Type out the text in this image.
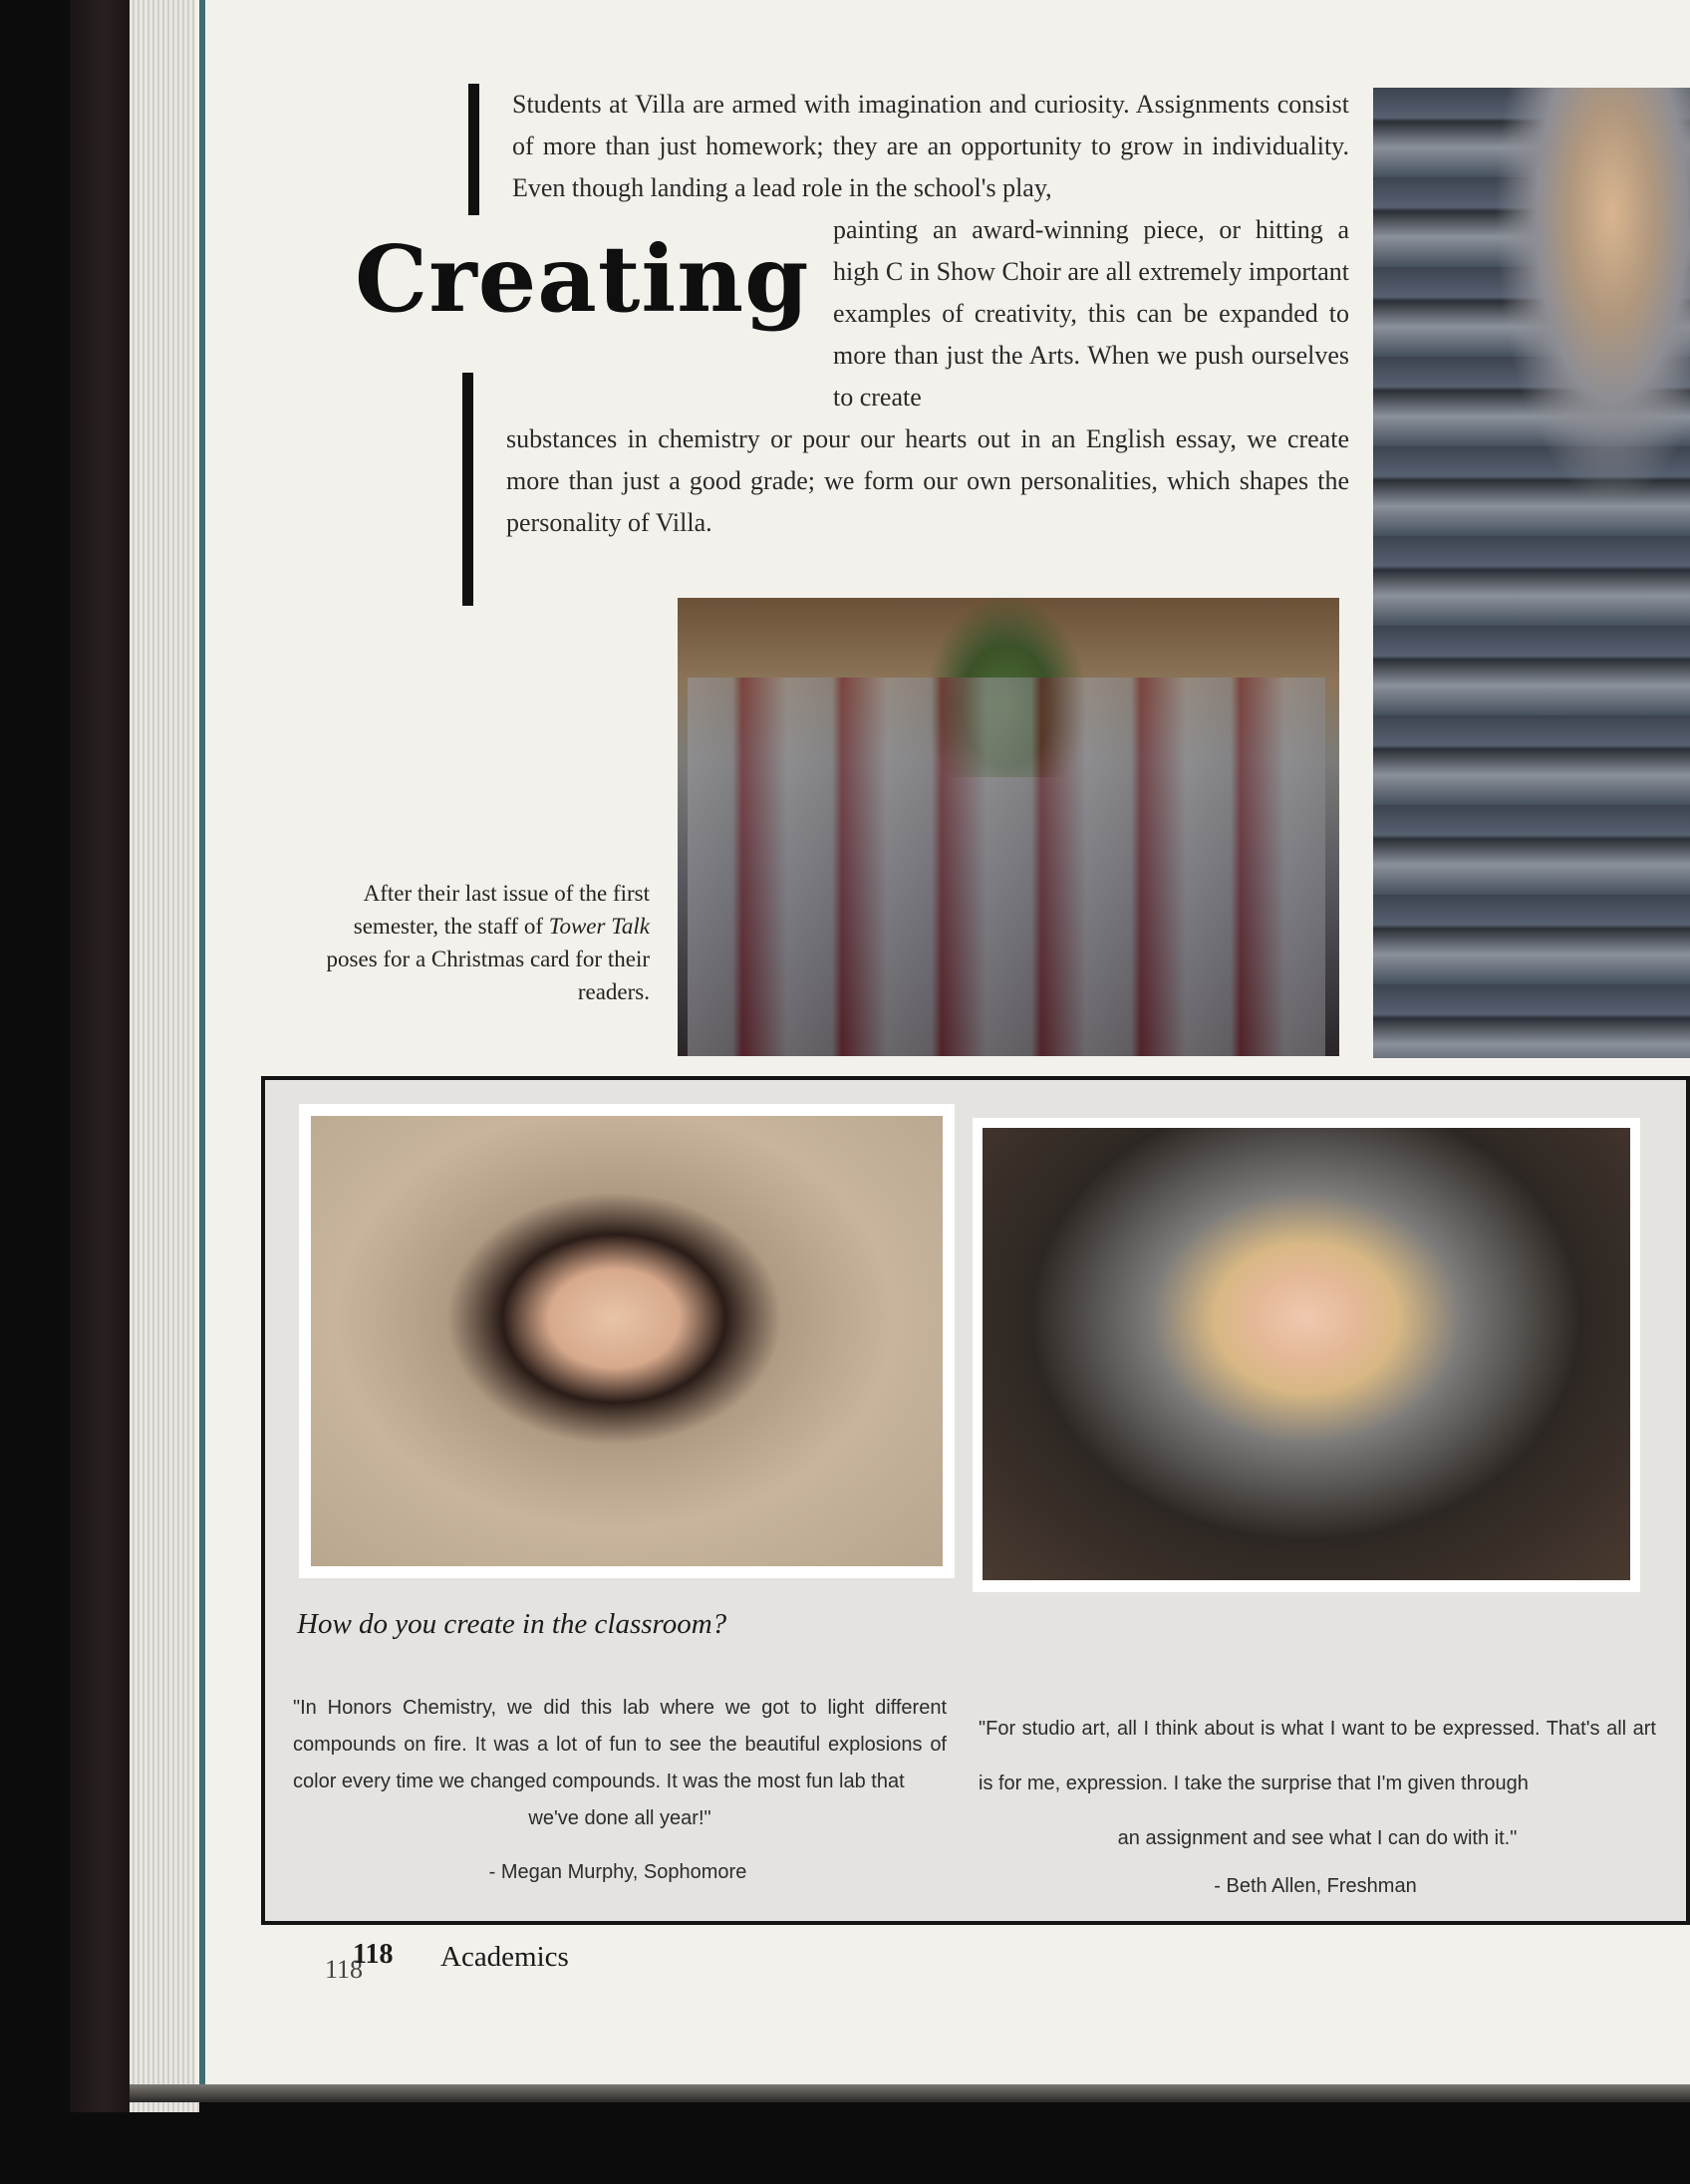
Students at Villa are armed with imagination and curiosity. Assignments consist of more than just homework; they are an opportunity to grow in individuality. Even though landing a lead role in the school's play,
Creating painting an award-winning piece, or hitting a high C in Show Choir are all extremely important examples of creativity, this can be expanded to more than just the Arts. When we push ourselves to create
substances in chemistry or pour our hearts out in an English essay, we create more than just a good grade; we form our own personalities, which shapes the personality of Villa.
After their last issue of the first semester, the staff of Tower Talk poses for a Christmas card for their readers.
How do you create in the classroom?
"In Honors Chemistry, we did this lab where we got to light different compounds on fire. It was a lot of fun to see the beautiful explosions of color every time we changed compounds. It was the most fun lab that
we've done all year!"
- Megan Murphy, Sophomore
"For studio art, all I think about is what I want to be expressed. That's all art is for me, expression. I take the surprise that I'm given through
an assignment and see what I can do with it."
- Beth Allen, Freshman
118
118 Academics
